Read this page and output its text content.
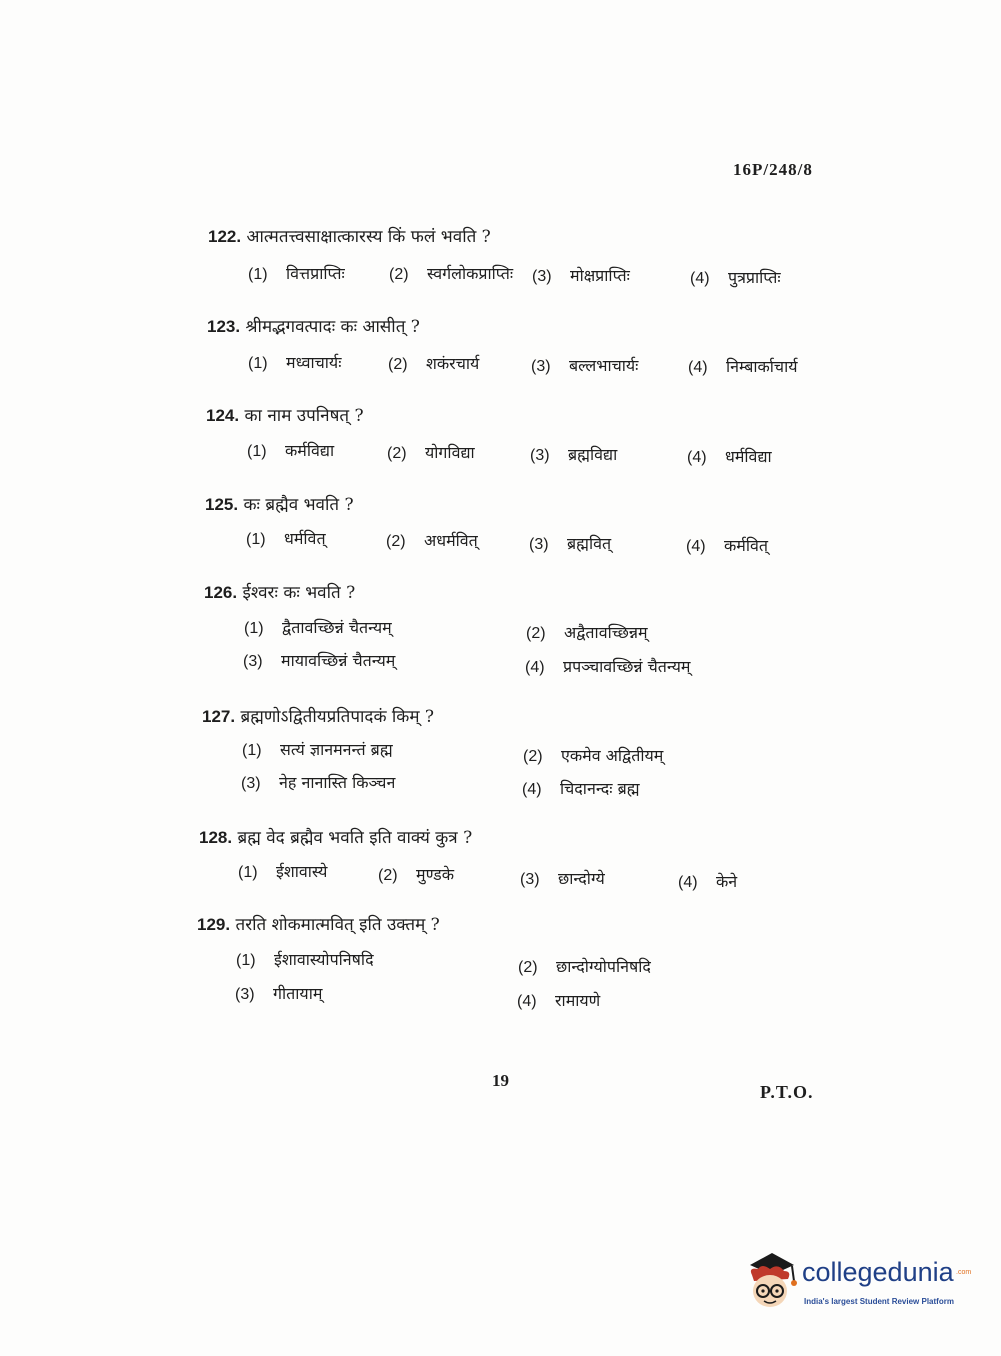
16P/248/8
122. आत्मतत्त्वसाक्षात्कारस्य किं फलं भवति ?
(1) वित्तप्राप्तिः	(2) स्वर्गलोकप्राप्तिः (3) मोक्षप्राप्तिः	(4) पुत्रप्राप्तिः
123. श्रीमद्भगवत्पादः कः आसीत् ?
(1) मध्वाचार्यः	(2) शकंरचार्य	(3) बल्लभाचार्यः	(4) निम्बार्काचार्य
124. का नाम उपनिषत् ?
(1) कर्मविद्या	(2) योगविद्या	(3) ब्रह्मविद्या	(4) धर्मविद्या
125. कः ब्रह्मैव भवति ?
(1) धर्मवित्	(2) अधर्मवित्	(3) ब्रह्मवित्	(4) कर्मवित्
126. ईश्वरः कः भवति ?
(1) द्वैतावच्छिन्नं चैतन्यम्	(2) अद्वैतावच्छिन्नम्
(3) मायावच्छिन्नं चैतन्यम्	(4) प्रपञ्चावच्छिन्नं चैतन्यम्
127. ब्रह्मणोऽद्वितीयप्रतिपादकं किम् ?
(1) सत्यं ज्ञानमनन्तं ब्रह्म	(2) एकमेव अद्वितीयम्
(3) नेह नानास्ति किञ्चन	(4) चिदानन्दः ब्रह्म
128. ब्रह्म वेद ब्रह्मैव भवति इति वाक्यं कुत्र ?
(1) ईशावास्ये	(2) मुण्डके	(3) छान्दोग्ये	(4) केने
129. तरति शोकमात्मवित् इति उक्तम् ?
(1) ईशावास्योपनिषदि	(2) छान्दोग्योपनिषदि
(3) गीतायाम्	(4) रामायणे
19
P.T.O.
collegedunia .com
India's largest Student Review Platform
